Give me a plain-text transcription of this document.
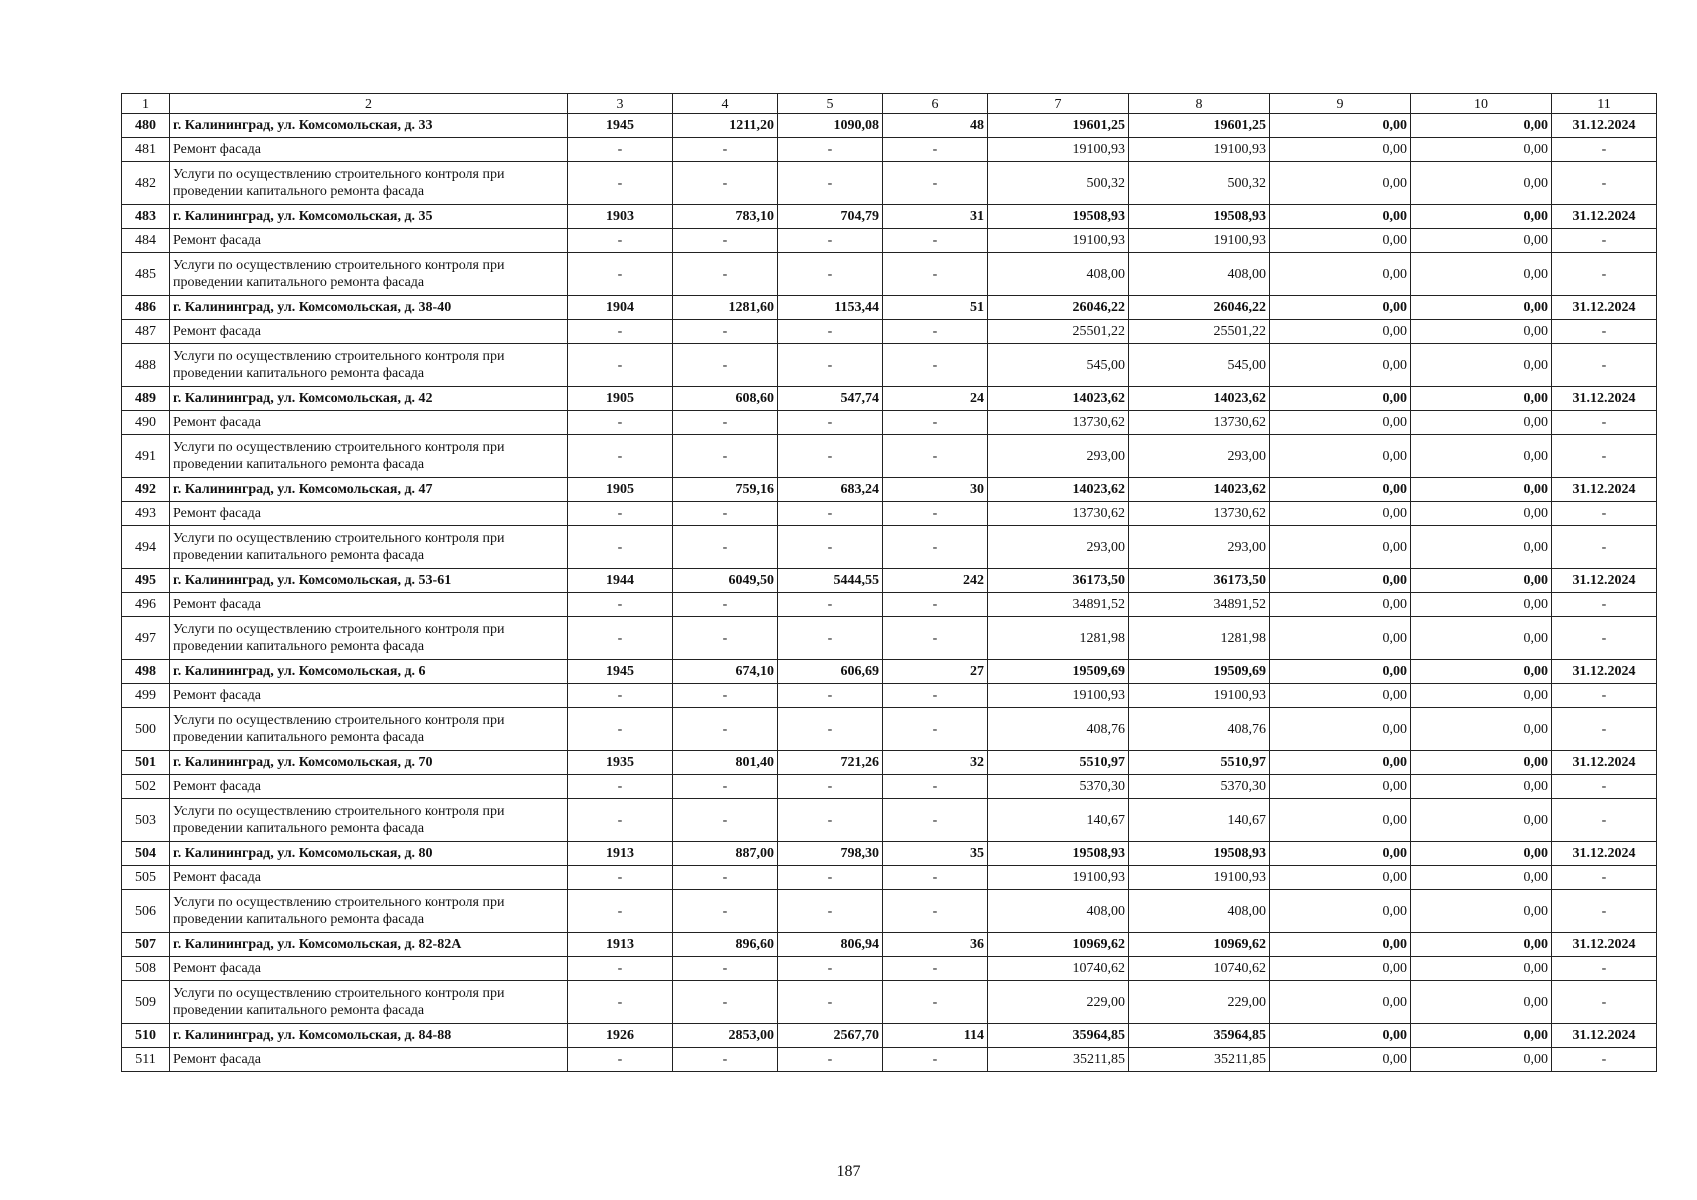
1	2	3	4	5	6	7	8	9	10	11
480	г. Калининград, ул. Комсомольская, д. 33	1945	1211,20	1090,08	48	19601,25	19601,25	0,00	0,00	31.12.2024
481	Ремонт фасада	-	-	-	-	19100,93	19100,93	0,00	0,00	-
482	Услуги по осуществлению строительного контроля при проведении капитального ремонта фасада	-	-	-	-	500,32	500,32	0,00	0,00	-
483	г. Калининград, ул. Комсомольская, д. 35	1903	783,10	704,79	31	19508,93	19508,93	0,00	0,00	31.12.2024
484	Ремонт фасада	-	-	-	-	19100,93	19100,93	0,00	0,00	-
485	Услуги по осуществлению строительного контроля при проведении капитального ремонта фасада	-	-	-	-	408,00	408,00	0,00	0,00	-
486	г. Калининград, ул. Комсомольская, д. 38-40	1904	1281,60	1153,44	51	26046,22	26046,22	0,00	0,00	31.12.2024
487	Ремонт фасада	-	-	-	-	25501,22	25501,22	0,00	0,00	-
488	Услуги по осуществлению строительного контроля при проведении капитального ремонта фасада	-	-	-	-	545,00	545,00	0,00	0,00	-
489	г. Калининград, ул. Комсомольская, д. 42	1905	608,60	547,74	24	14023,62	14023,62	0,00	0,00	31.12.2024
490	Ремонт фасада	-	-	-	-	13730,62	13730,62	0,00	0,00	-
491	Услуги по осуществлению строительного контроля при проведении капитального ремонта фасада	-	-	-	-	293,00	293,00	0,00	0,00	-
492	г. Калининград, ул. Комсомольская, д. 47	1905	759,16	683,24	30	14023,62	14023,62	0,00	0,00	31.12.2024
493	Ремонт фасада	-	-	-	-	13730,62	13730,62	0,00	0,00	-
494	Услуги по осуществлению строительного контроля при проведении капитального ремонта фасада	-	-	-	-	293,00	293,00	0,00	0,00	-
495	г. Калининград, ул. Комсомольская, д. 53-61	1944	6049,50	5444,55	242	36173,50	36173,50	0,00	0,00	31.12.2024
496	Ремонт фасада	-	-	-	-	34891,52	34891,52	0,00	0,00	-
497	Услуги по осуществлению строительного контроля при проведении капитального ремонта фасада	-	-	-	-	1281,98	1281,98	0,00	0,00	-
498	г. Калининград, ул. Комсомольская, д. 6	1945	674,10	606,69	27	19509,69	19509,69	0,00	0,00	31.12.2024
499	Ремонт фасада	-	-	-	-	19100,93	19100,93	0,00	0,00	-
500	Услуги по осуществлению строительного контроля при проведении капитального ремонта фасада	-	-	-	-	408,76	408,76	0,00	0,00	-
501	г. Калининград, ул. Комсомольская, д. 70	1935	801,40	721,26	32	5510,97	5510,97	0,00	0,00	31.12.2024
502	Ремонт фасада	-	-	-	-	5370,30	5370,30	0,00	0,00	-
503	Услуги по осуществлению строительного контроля при проведении капитального ремонта фасада	-	-	-	-	140,67	140,67	0,00	0,00	-
504	г. Калининград, ул. Комсомольская, д. 80	1913	887,00	798,30	35	19508,93	19508,93	0,00	0,00	31.12.2024
505	Ремонт фасада	-	-	-	-	19100,93	19100,93	0,00	0,00	-
506	Услуги по осуществлению строительного контроля при проведении капитального ремонта фасада	-	-	-	-	408,00	408,00	0,00	0,00	-
507	г. Калининград, ул. Комсомольская, д. 82-82А	1913	896,60	806,94	36	10969,62	10969,62	0,00	0,00	31.12.2024
508	Ремонт фасада	-	-	-	-	10740,62	10740,62	0,00	0,00	-
509	Услуги по осуществлению строительного контроля при проведении капитального ремонта фасада	-	-	-	-	229,00	229,00	0,00	0,00	-
510	г. Калининград, ул. Комсомольская, д. 84-88	1926	2853,00	2567,70	114	35964,85	35964,85	0,00	0,00	31.12.2024
511	Ремонт фасада	-	-	-	-	35211,85	35211,85	0,00	0,00	-
187
